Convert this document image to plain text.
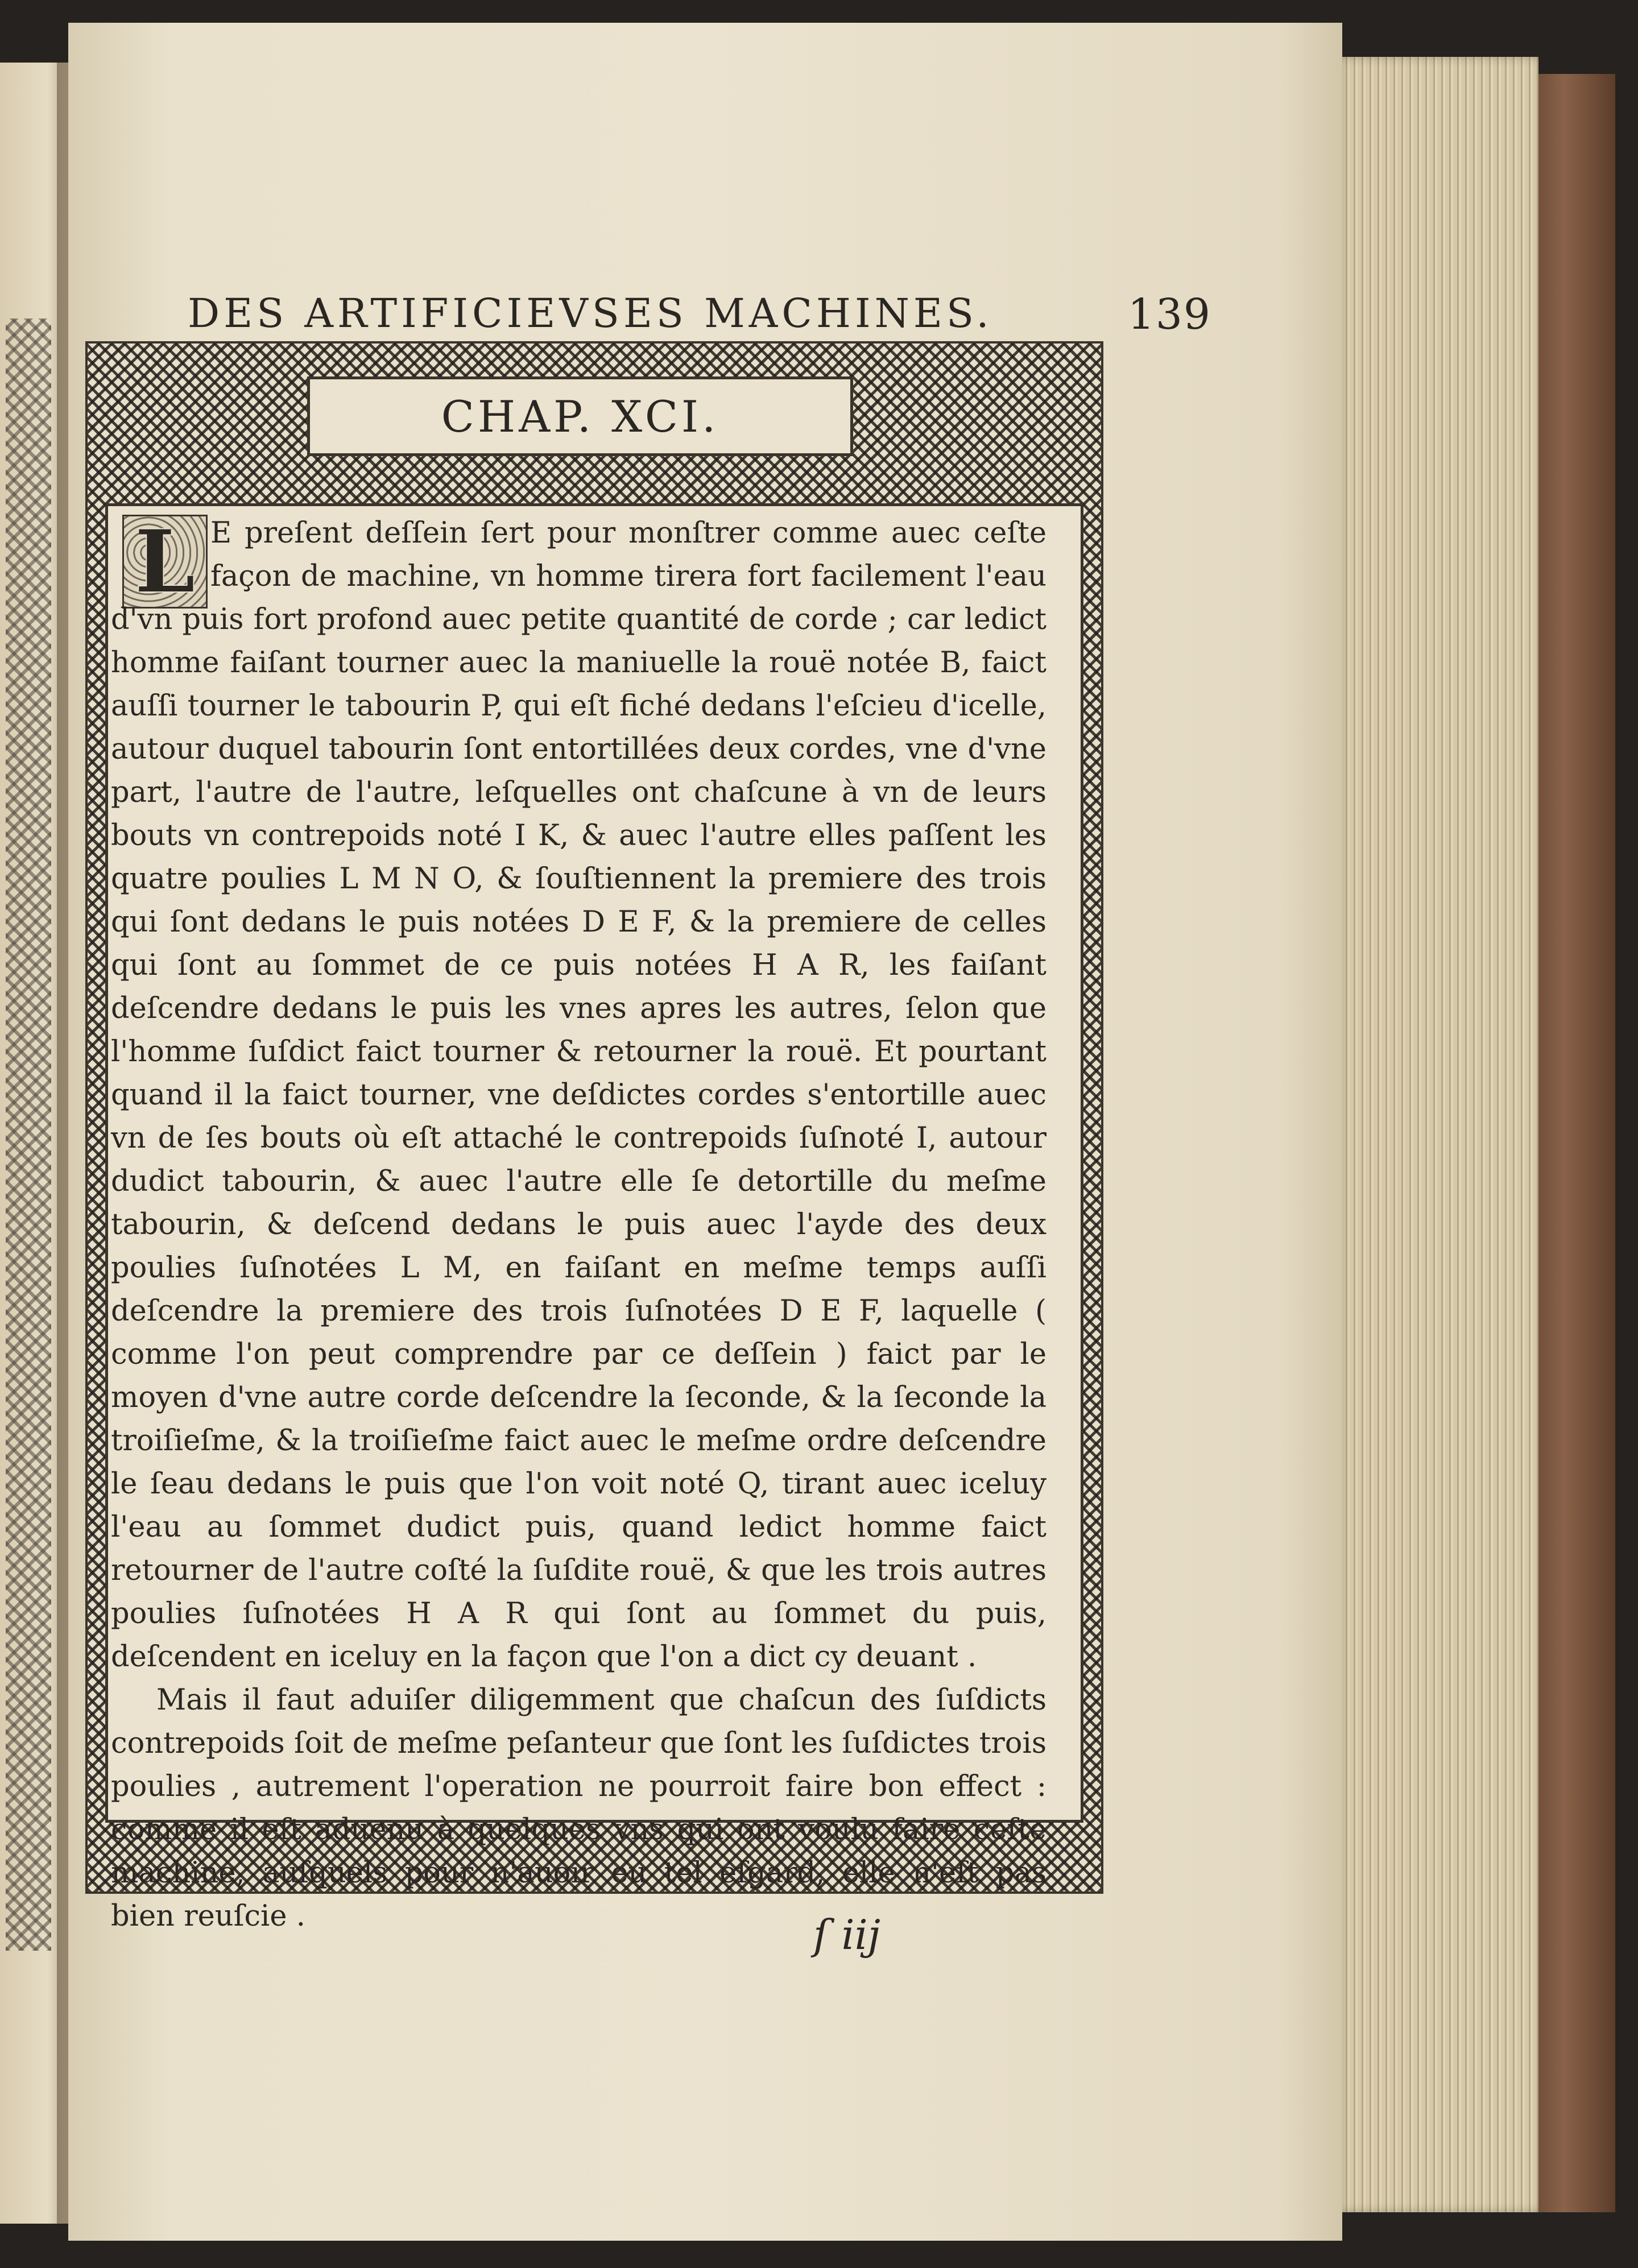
DES ARTIFICIEVSES MACHINES.	139
CHAP. XCI.
L E preſent deſſein ſert pour monſtrer comme auec ceſte façon de machine, vn homme tirera fort facilement l'eau d'vn puis fort profond auec petite quantité de corde ; car ledict homme faiſant tourner auec la maniuelle la rouë notée B, faict auſſi tourner le tabourin P, qui eſt fiché dedans l'eſcieu d'icelle, autour duquel tabourin ſont entortillées deux cordes, vne d'vne part, l'autre de l'autre, leſquelles ont chaſcune à vn de leurs bouts vn contrepoids noté I K, & auec l'autre elles paſſent les quatre poulies L M N O, & ſouſtiennent la premiere des trois qui ſont dedans le puis notées D E F, & la premiere de celles qui ſont au ſommet de ce puis notées H A R, les faiſant deſcendre dedans le puis les vnes apres les autres, ſelon que l'homme ſuſdict faict tourner & retourner la rouë. Et pourtant quand il la faict tourner, vne deſdictes cordes s'entortille auec vn de ſes bouts où eſt attaché le contrepoids ſuſnoté I, autour dudict tabourin, & auec l'autre elle ſe detortille du meſme tabourin, & deſcend dedans le puis auec l'ayde des deux poulies ſuſnotées L M, en faiſant en meſme temps auſſi deſcendre la premiere des trois ſuſnotées D E F, laquelle ( comme l'on peut comprendre par ce deſſein ) faict par le moyen d'vne autre corde deſcendre la ſeconde, & la ſeconde la troiſieſme, & la troiſieſme faict auec le meſme ordre deſcendre le ſeau dedans le puis que l'on voit noté Q, tirant auec iceluy l'eau au ſommet dudict puis, quand ledict homme faict retourner de l'autre coſté la ſuſdite rouë, & que les trois autres poulies ſuſnotées H A R qui ſont au ſommet du puis, deſcendent en iceluy en la façon que l'on a dict cy deuant .

Mais il faut aduiſer diligemment que chaſcun des ſuſdicts contrepoids ſoit de meſme peſanteur que ſont les ſuſdictes trois poulies , autrement l'operation ne pourroit faire bon effect : comme il eſt aduenu à quelques vns qui ont voulu faire ceſte machine, auſquels pour n'auoir eu tel eſgard, elle n'eſt pas bien reuſcie .	ſ iij
